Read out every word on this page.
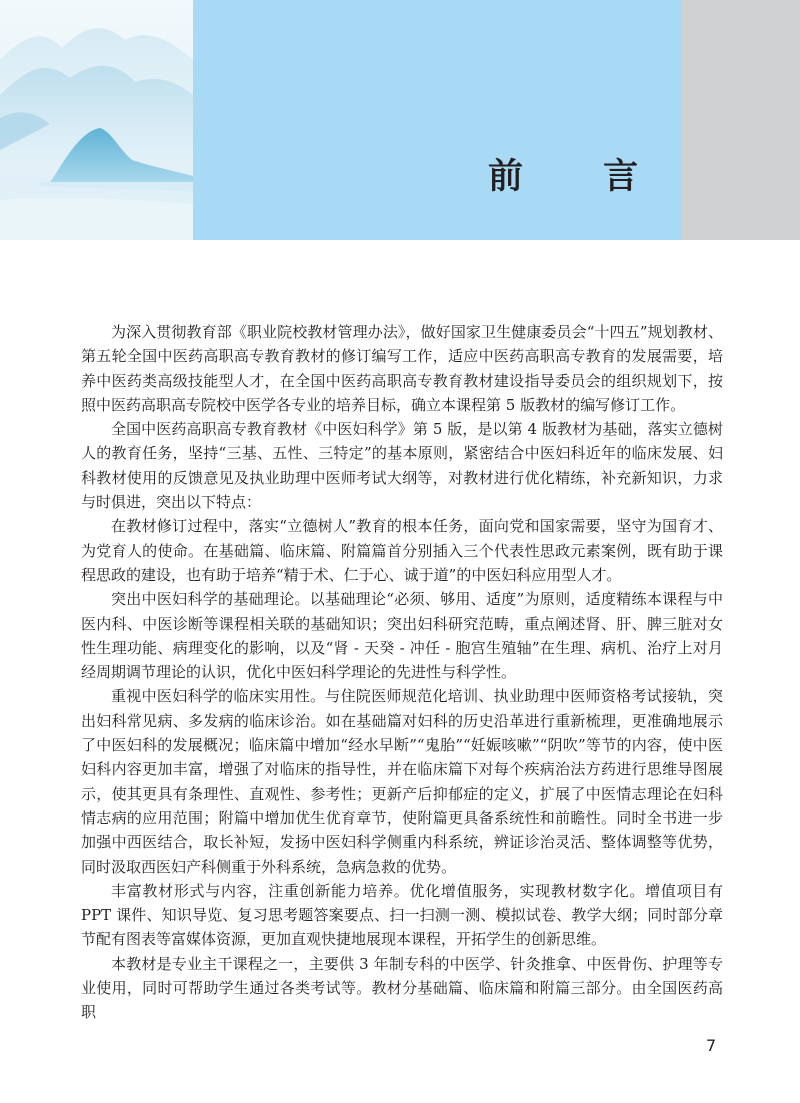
前 言

为深入贯彻教育部《职业院校教材管理办法》，做好国家卫生健康委员会“十四五”规划教材、第五轮全国中医药高职高专教育教材的修订编写工作，适应中医药高职高专教育的发展需要，培养中医药类高级技能型人才，在全国中医药高职高专教育教材建设指导委员会的组织规划下，按照中医药高职高专院校中医学各专业的培养目标，确立本课程第 5 版教材的编写修订工作。

全国中医药高职高专教育教材《中医妇科学》第 5 版，是以第 4 版教材为基础，落实立德树人的教育任务，坚持“三基、五性、三特定”的基本原则，紧密结合中医妇科近年的临床发展、妇科教材使用的反馈意见及执业助理中医师考试大纲等，对教材进行优化精练，补充新知识，力求与时俱进，突出以下特点：

在教材修订过程中，落实“立德树人”教育的根本任务，面向党和国家需要，坚守为国育才、为党育人的使命。在基础篇、临床篇、附篇篇首分别插入三个代表性思政元素案例，既有助于课程思政的建设，也有助于培养“精于术、仁于心、诚于道”的中医妇科应用型人才。

突出中医妇科学的基础理论。以基础理论“必须、够用、适度”为原则，适度精练本课程与中医内科、中医诊断等课程相关联的基础知识；突出妇科研究范畴，重点阐述肾、肝、脾三脏对女性生理功能、病理变化的影响，以及“肾 - 天癸 - 冲任 - 胞宫生殖轴”在生理、病机、治疗上对月经周期调节理论的认识，优化中医妇科学理论的先进性与科学性。

重视中医妇科学的临床实用性。与住院医师规范化培训、执业助理中医师资格考试接轨，突出妇科常见病、多发病的临床诊治。如在基础篇对妇科的历史沿革进行重新梳理，更准确地展示了中医妇科的发展概况；临床篇中增加“经水早断”“鬼胎”“妊娠咳嗽”“阴吹”等节的内容，使中医妇科内容更加丰富，增强了对临床的指导性，并在临床篇下对每个疾病治法方药进行思维导图展示，使其更具有条理性、直观性、参考性；更新产后抑郁症的定义，扩展了中医情志理论在妇科情志病的应用范围；附篇中增加优生优育章节，使附篇更具备系统性和前瞻性。同时全书进一步加强中西医结合，取长补短，发扬中医妇科学侧重内科系统，辨证诊治灵活、整体调整等优势，同时汲取西医妇产科侧重于外科系统，急病急救的优势。

丰富教材形式与内容，注重创新能力培养。优化增值服务，实现教材数字化。增值项目有 PPT 课件、知识导览、复习思考题答案要点、扫一扫测一测、模拟试卷、教学大纲；同时部分章节配有图表等富媒体资源，更加直观快捷地展现本课程，开拓学生的创新思维。

本教材是专业主干课程之一，主要供 3 年制专科的中医学、针灸推拿、中医骨伤、护理等专业使用，同时可帮助学生通过各类考试等。教材分基础篇、临床篇和附篇三部分。由全国医药高职

7
